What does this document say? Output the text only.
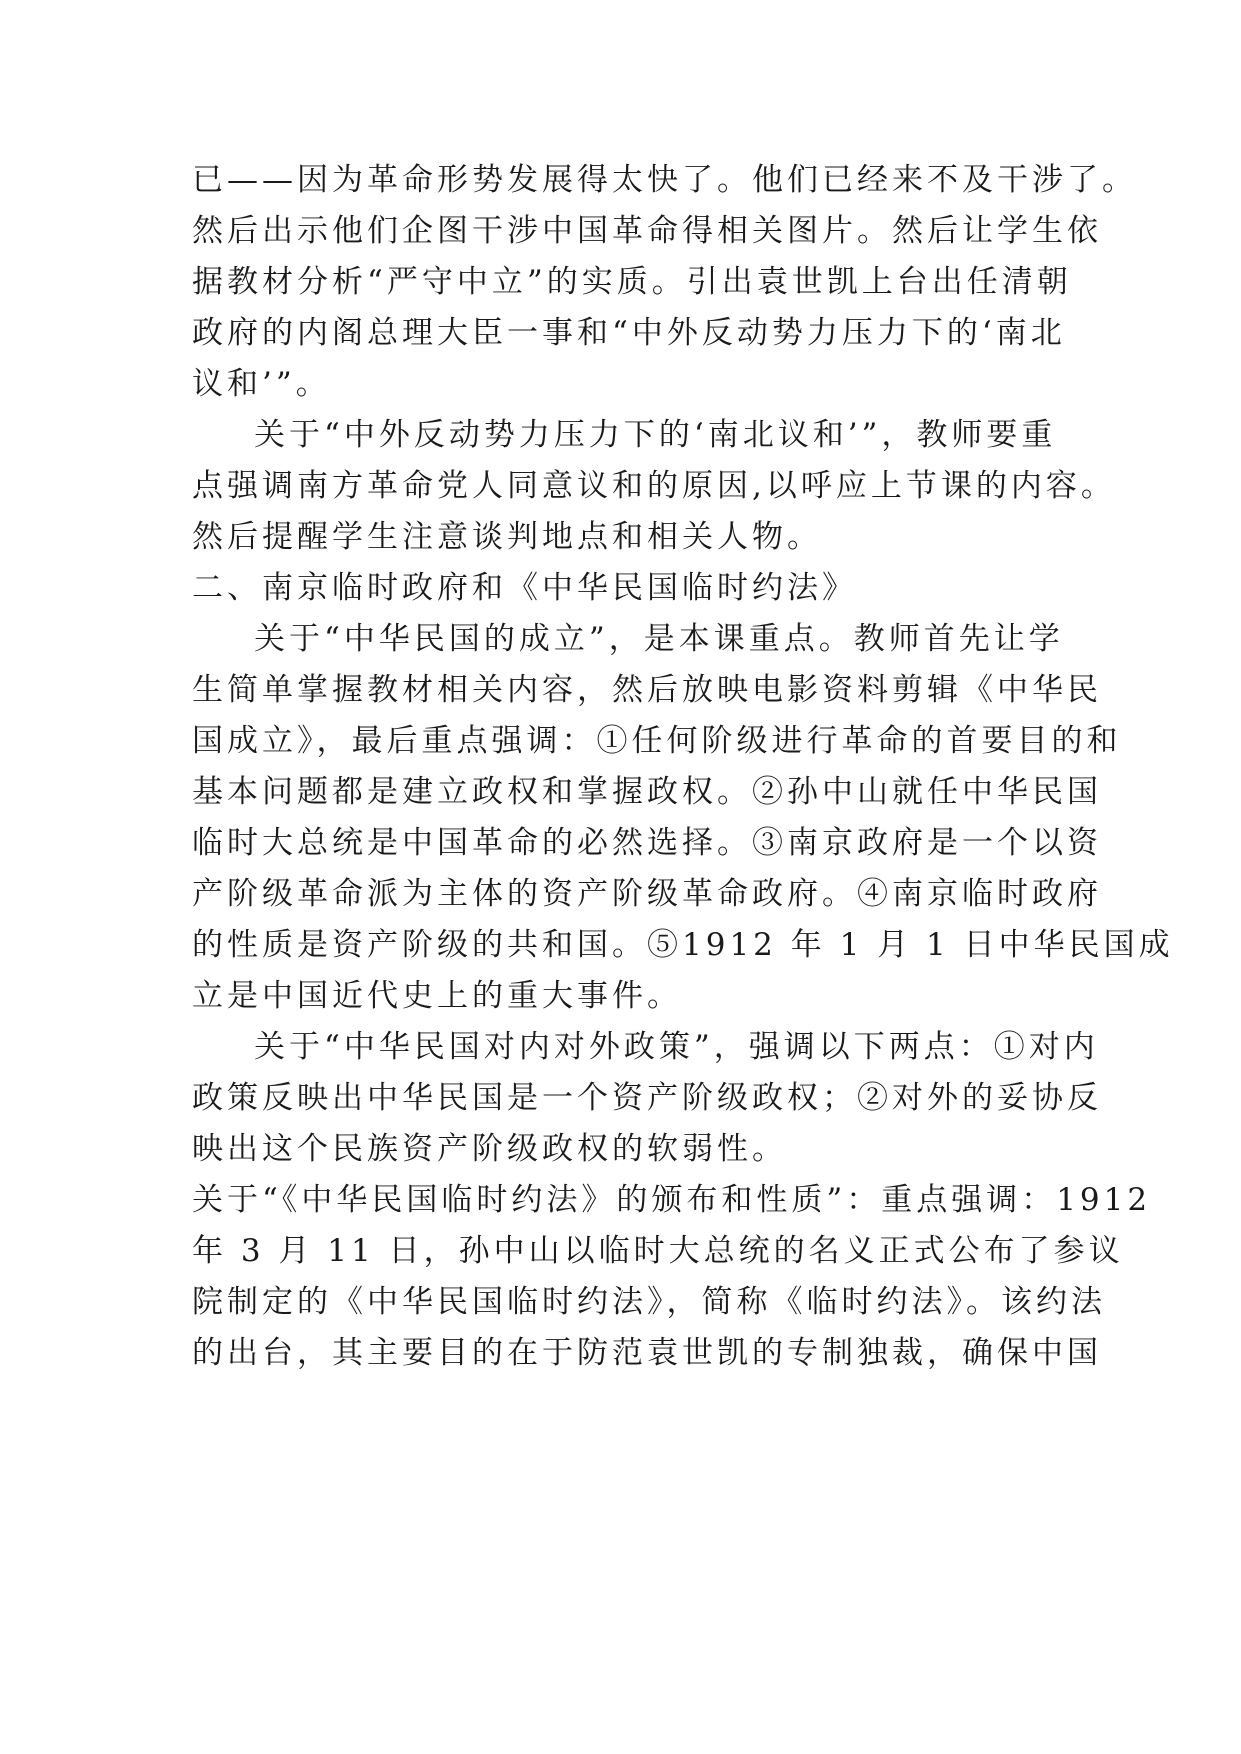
已——因为革命形势发展得太快了。他们已经来不及干涉了。
然后出示他们企图干涉中国革命得相关图片。然后让学生依
据教材分析“严守中立”的实质。引出袁世凯上台出任清朝
政府的内阁总理大臣一事和“中外反动势力压力下的‘南北
议和’”。
关于“中外反动势力压力下的‘南北议和’”，教师要重
点强调南方革命党人同意议和的原因,以呼应上节课的内容。
然后提醒学生注意谈判地点和相关人物。
二、南京临时政府和《中华民国临时约法》
关于“中华民国的成立”，是本课重点。教师首先让学
生简单掌握教材相关内容，然后放映电影资料剪辑《中华民
国成立》，最后重点强调：①任何阶级进行革命的首要目的和
基本问题都是建立政权和掌握政权。②孙中山就任中华民国
临时大总统是中国革命的必然选择。③南京政府是一个以资
产阶级革命派为主体的资产阶级革命政府。④南京临时政府
的性质是资产阶级的共和国。⑤1912 年 1 月 1 日中华民国成
立是中国近代史上的重大事件。
关于“中华民国对内对外政策”，强调以下两点：①对内
政策反映出中华民国是一个资产阶级政权；②对外的妥协反
映出这个民族资产阶级政权的软弱性。
关于“《中华民国临时约法》的颁布和性质”：重点强调：1912
年 3 月 11 日，孙中山以临时大总统的名义正式公布了参议
院制定的《中华民国临时约法》，简称《临时约法》。该约法
的出台，其主要目的在于防范袁世凯的专制独裁，确保中国
